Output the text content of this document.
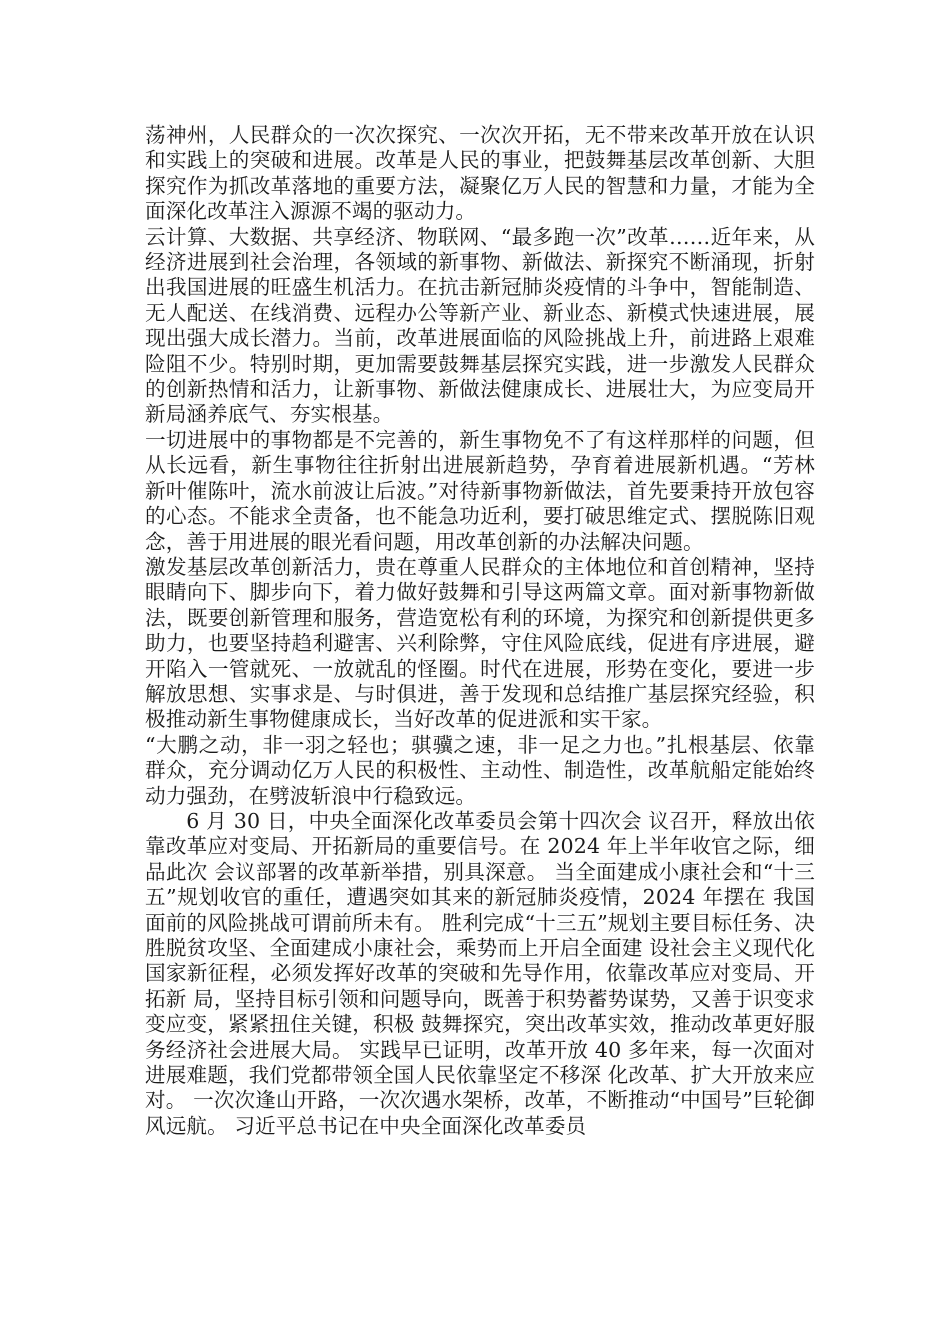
荡神州，人民群众的一次次探究、一次次开拓，无不带来改革开放在认识和实践上的突破和进展。改革是人民的事业，把鼓舞基层改革创新、大胆探究作为抓改革落地的重要方法，凝聚亿万人民的智慧和力量，才能为全面深化改革注入源源不竭的驱动力。

云计算、大数据、共享经济、物联网、“最多跑一次”改革……近年来，从经济进展到社会治理，各领域的新事物、新做法、新探究不断涌现，折射出我国进展的旺盛生机活力。在抗击新冠肺炎疫情的斗争中，智能制造、无人配送、在线消费、远程办公等新产业、新业态、新模式快速进展，展现出强大成长潜力。当前，改革进展面临的风险挑战上升，前进路上艰难险阻不少。特别时期，更加需要鼓舞基层探究实践，进一步激发人民群众的创新热情和活力，让新事物、新做法健康成长、进展壮大，为应变局开新局涵养底气、夯实根基。

一切进展中的事物都是不完善的，新生事物免不了有这样那样的问题，但从长远看，新生事物往往折射出进展新趋势，孕育着进展新机遇。“芳林新叶催陈叶，流水前波让后波。”对待新事物新做法，首先要秉持开放包容的心态。不能求全责备，也不能急功近利，要打破思维定式、摆脱陈旧观念，善于用进展的眼光看问题，用改革创新的办法解决问题。

激发基层改革创新活力，贵在尊重人民群众的主体地位和首创精神，坚持眼睛向下、脚步向下，着力做好鼓舞和引导这两篇文章。面对新事物新做法，既要创新管理和服务，营造宽松有利的环境，为探究和创新提供更多助力，也要坚持趋利避害、兴利除弊，守住风险底线，促进有序进展，避开陷入一管就死、一放就乱的怪圈。时代在进展，形势在变化，要进一步解放思想、实事求是、与时俱进，善于发现和总结推广基层探究经验，积极推动新生事物健康成长，当好改革的促进派和实干家。

“大鹏之动，非一羽之轻也；骐骥之速，非一足之力也。”扎根基层、依靠群众，充分调动亿万人民的积极性、主动性、制造性，改革航船定能始终动力强劲，在劈波斩浪中行稳致远。

6 月 30 日，中央全面深化改革委员会第十四次会 议召开，释放出依靠改革应对变局、开拓新局的重要信号。在 2024 年上半年收官之际，细品此次 会议部署的改革新举措，别具深意。 当全面建成小康社会和“十三五”规划收官的重任，遭遇突如其来的新冠肺炎疫情，2024 年摆在 我国面前的风险挑战可谓前所未有。 胜利完成“十三五”规划主要目标任务、决胜脱贫攻坚、全面建成小康社会，乘势而上开启全面建 设社会主义现代化国家新征程，必须发挥好改革的突破和先导作用，依靠改革应对变局、开拓新 局，坚持目标引领和问题导向，既善于积势蓄势谋势，又善于识变求变应变，紧紧扭住关键，积极 鼓舞探究，突出改革实效，推动改革更好服务经济社会进展大局。 实践早已证明，改革开放 40 多年来，每一次面对进展难题，我们党都带领全国人民依靠坚定不移深 化改革、扩大开放来应对。 一次次逢山开路，一次次遇水架桥，改革，不断推动“中国号”巨轮御风远航。 习近平总书记在中央全面深化改革委员
